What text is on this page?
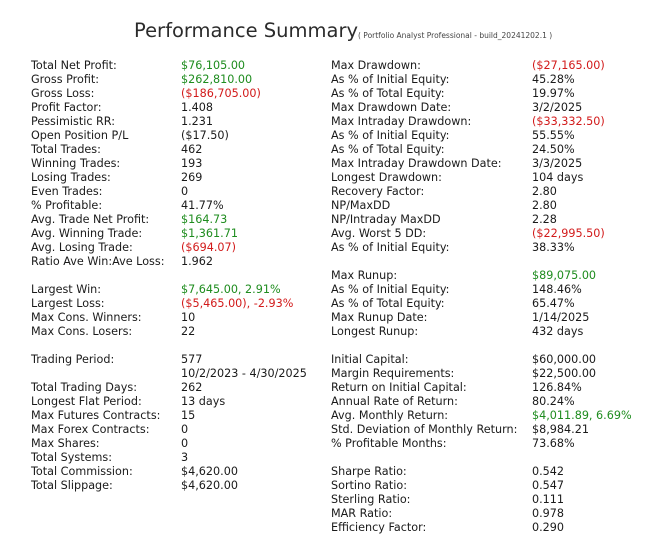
Performance Summary ( Portfolio Analyst Professional - build_20241202.1 )
Total Net Profit:	$76,105.00
Gross Profit:	$262,810.00
Gross Loss:	($186,705.00)
Profit Factor:	1.408
Pessimistic RR:	1.231
Open Position P/L	($17.50)
Total Trades:	462
Winning Trades:	193
Losing Trades:	269
Even Trades:	0
% Profitable:	41.77%
Avg. Trade Net Profit:	$164.73
Avg. Winning Trade:	$1,361.71
Avg. Losing Trade:	($694.07)
Ratio Ave Win:Ave Loss: 1.962
Largest Win:	$7,645.00, 2.91%
Largest Loss:	($5,465.00), -2.93%
Max Cons. Winners:	10
Max Cons. Losers:	22
Trading Period:	577
10/2/2023 - 4/30/2025
Total Trading Days:	262
Longest Flat Period:	13 days
Max Futures Contracts: 15
Max Forex Contracts:	0
Max Shares:	0
Total Systems:	3
Total Commission:	$4,620.00
Total Slippage:	$4,620.00
Max Drawdown:	($27,165.00)
As % of Initial Equity:	45.28%
As % of Total Equity:	19.97%
Max Drawdown Date:	3/2/2025
Max Intraday Drawdown:	($33,332.50)
As % of Initial Equity:	55.55%
As % of Total Equity:	24.50%
Max Intraday Drawdown Date:	3/3/2025
Longest Drawdown:	104 days
Recovery Factor:	2.80
NP/MaxDD	2.80
NP/Intraday MaxDD	2.28
Avg. Worst 5 DD:	($22,995.50)
As % of Initial Equity:	38.33%
Max Runup:	$89,075.00
As % of Initial Equity:	148.46%
As % of Total Equity:	65.47%
Max Runup Date:	1/14/2025
Longest Runup:	432 days
Initial Capital:	$60,000.00
Margin Requirements:	$22,500.00
Return on Initial Capital:	126.84%
Annual Rate of Return:	80.24%
Avg. Monthly Return:	$4,011.89, 6.69%
Std. Deviation of Monthly Return: $8,984.21
% Profitable Months:	73.68%
Sharpe Ratio:	0.542
Sortino Ratio:	0.547
Sterling Ratio:	0.111
MAR Ratio:	0.978
Efficiency Factor:	0.290
